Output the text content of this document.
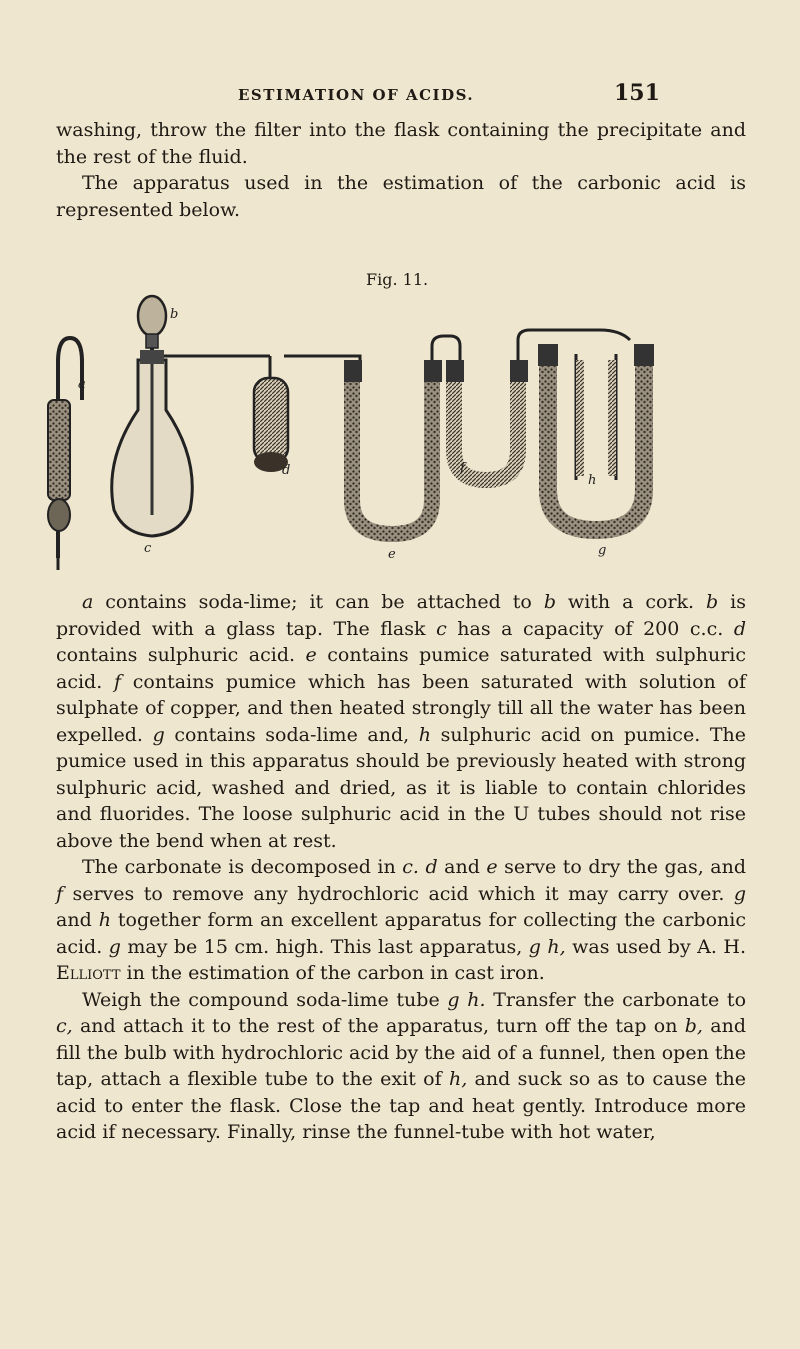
ESTIMATION OF ACIDS.	151

washing, throw the filter into the flask containing the precipitate and the rest of the fluid.

The apparatus used in the estimation of the carbonic acid is represented below.

Fig. 11.
a
b
c
d
e
f
h
g

a contains soda-lime; it can be attached to b with a cork. b is provided with a glass tap. The flask c has a capacity of 200 c.c. d contains sulphuric acid. e contains pumice saturated with sulphuric acid. f contains pumice which has been saturated with solution of sulphate of copper, and then heated strongly till all the water has been expelled. g contains soda-lime and, h sulphuric acid on pumice. The pumice used in this apparatus should be previously heated with strong sulphuric acid, washed and dried, as it is liable to contain chlorides and fluorides. The loose sulphuric acid in the U tubes should not rise above the bend when at rest.

The carbonate is decomposed in c. d and e serve to dry the gas, and f serves to remove any hydrochloric acid which it may carry over. g and h together form an excellent apparatus for collecting the carbonic acid. g may be 15 cm. high. This last apparatus, g h, was used by A. H. Elliott in the estimation of the carbon in cast iron.

Weigh the compound soda-lime tube g h. Transfer the carbonate to c, and attach it to the rest of the apparatus, turn off the tap on b, and fill the bulb with hydrochloric acid by the aid of a funnel, then open the tap, attach a flexible tube to the exit of h, and suck so as to cause the acid to enter the flask. Close the tap and heat gently. Introduce more acid if necessary. Finally, rinse the funnel-tube with hot water,
